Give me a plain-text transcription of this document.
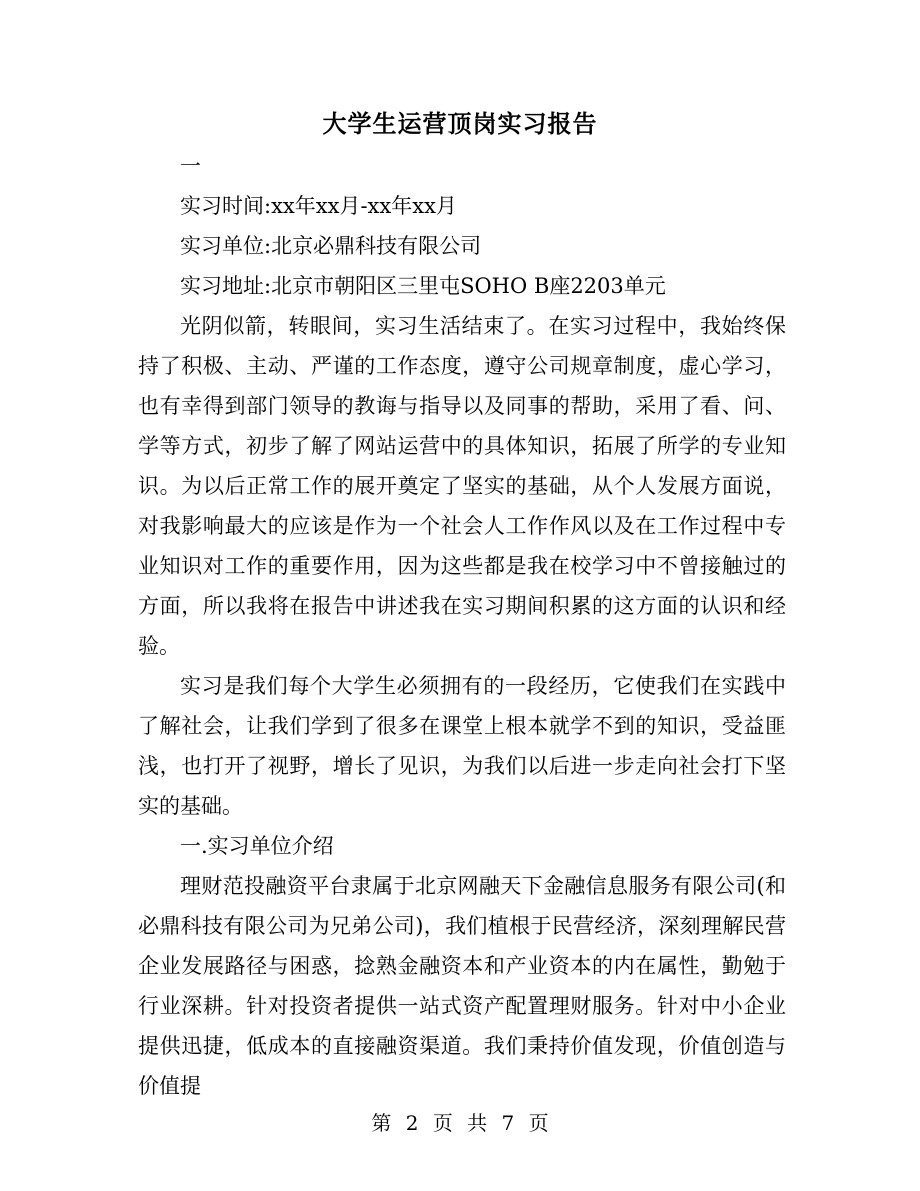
大学生运营顶岗实习报告

一

实习时间:xx年xx月-xx年xx月

实习单位:北京必鼎科技有限公司

实习地址:北京市朝阳区三里屯SOHO B座2203单元

光阴似箭，转眼间，实习生活结束了。在实习过程中，我始终保持了积极、主动、严谨的工作态度，遵守公司规章制度，虚心学习，也有幸得到部门领导的教诲与指导以及同事的帮助，采用了看、问、学等方式，初步了解了网站运营中的具体知识，拓展了所学的专业知识。为以后正常工作的展开奠定了坚实的基础，从个人发展方面说，对我影响最大的应该是作为一个社会人工作作风以及在工作过程中专业知识对工作的重要作用，因为这些都是我在校学习中不曾接触过的方面，所以我将在报告中讲述我在实习期间积累的这方面的认识和经验。

实习是我们每个大学生必须拥有的一段经历，它使我们在实践中了解社会，让我们学到了很多在课堂上根本就学不到的知识，受益匪浅，也打开了视野，增长了见识，为我们以后进一步走向社会打下坚实的基础。

一.实习单位介绍

理财范投融资平台隶属于北京网融天下金融信息服务有限公司(和必鼎科技有限公司为兄弟公司)，我们植根于民营经济，深刻理解民营企业发展路径与困惑，捻熟金融资本和产业资本的内在属性，勤勉于行业深耕。针对投资者提供一站式资产配置理财服务。针对中小企业提供迅捷，低成本的直接融资渠道。我们秉持价值发现，价值创造与价值提

第 2 页 共 7 页
